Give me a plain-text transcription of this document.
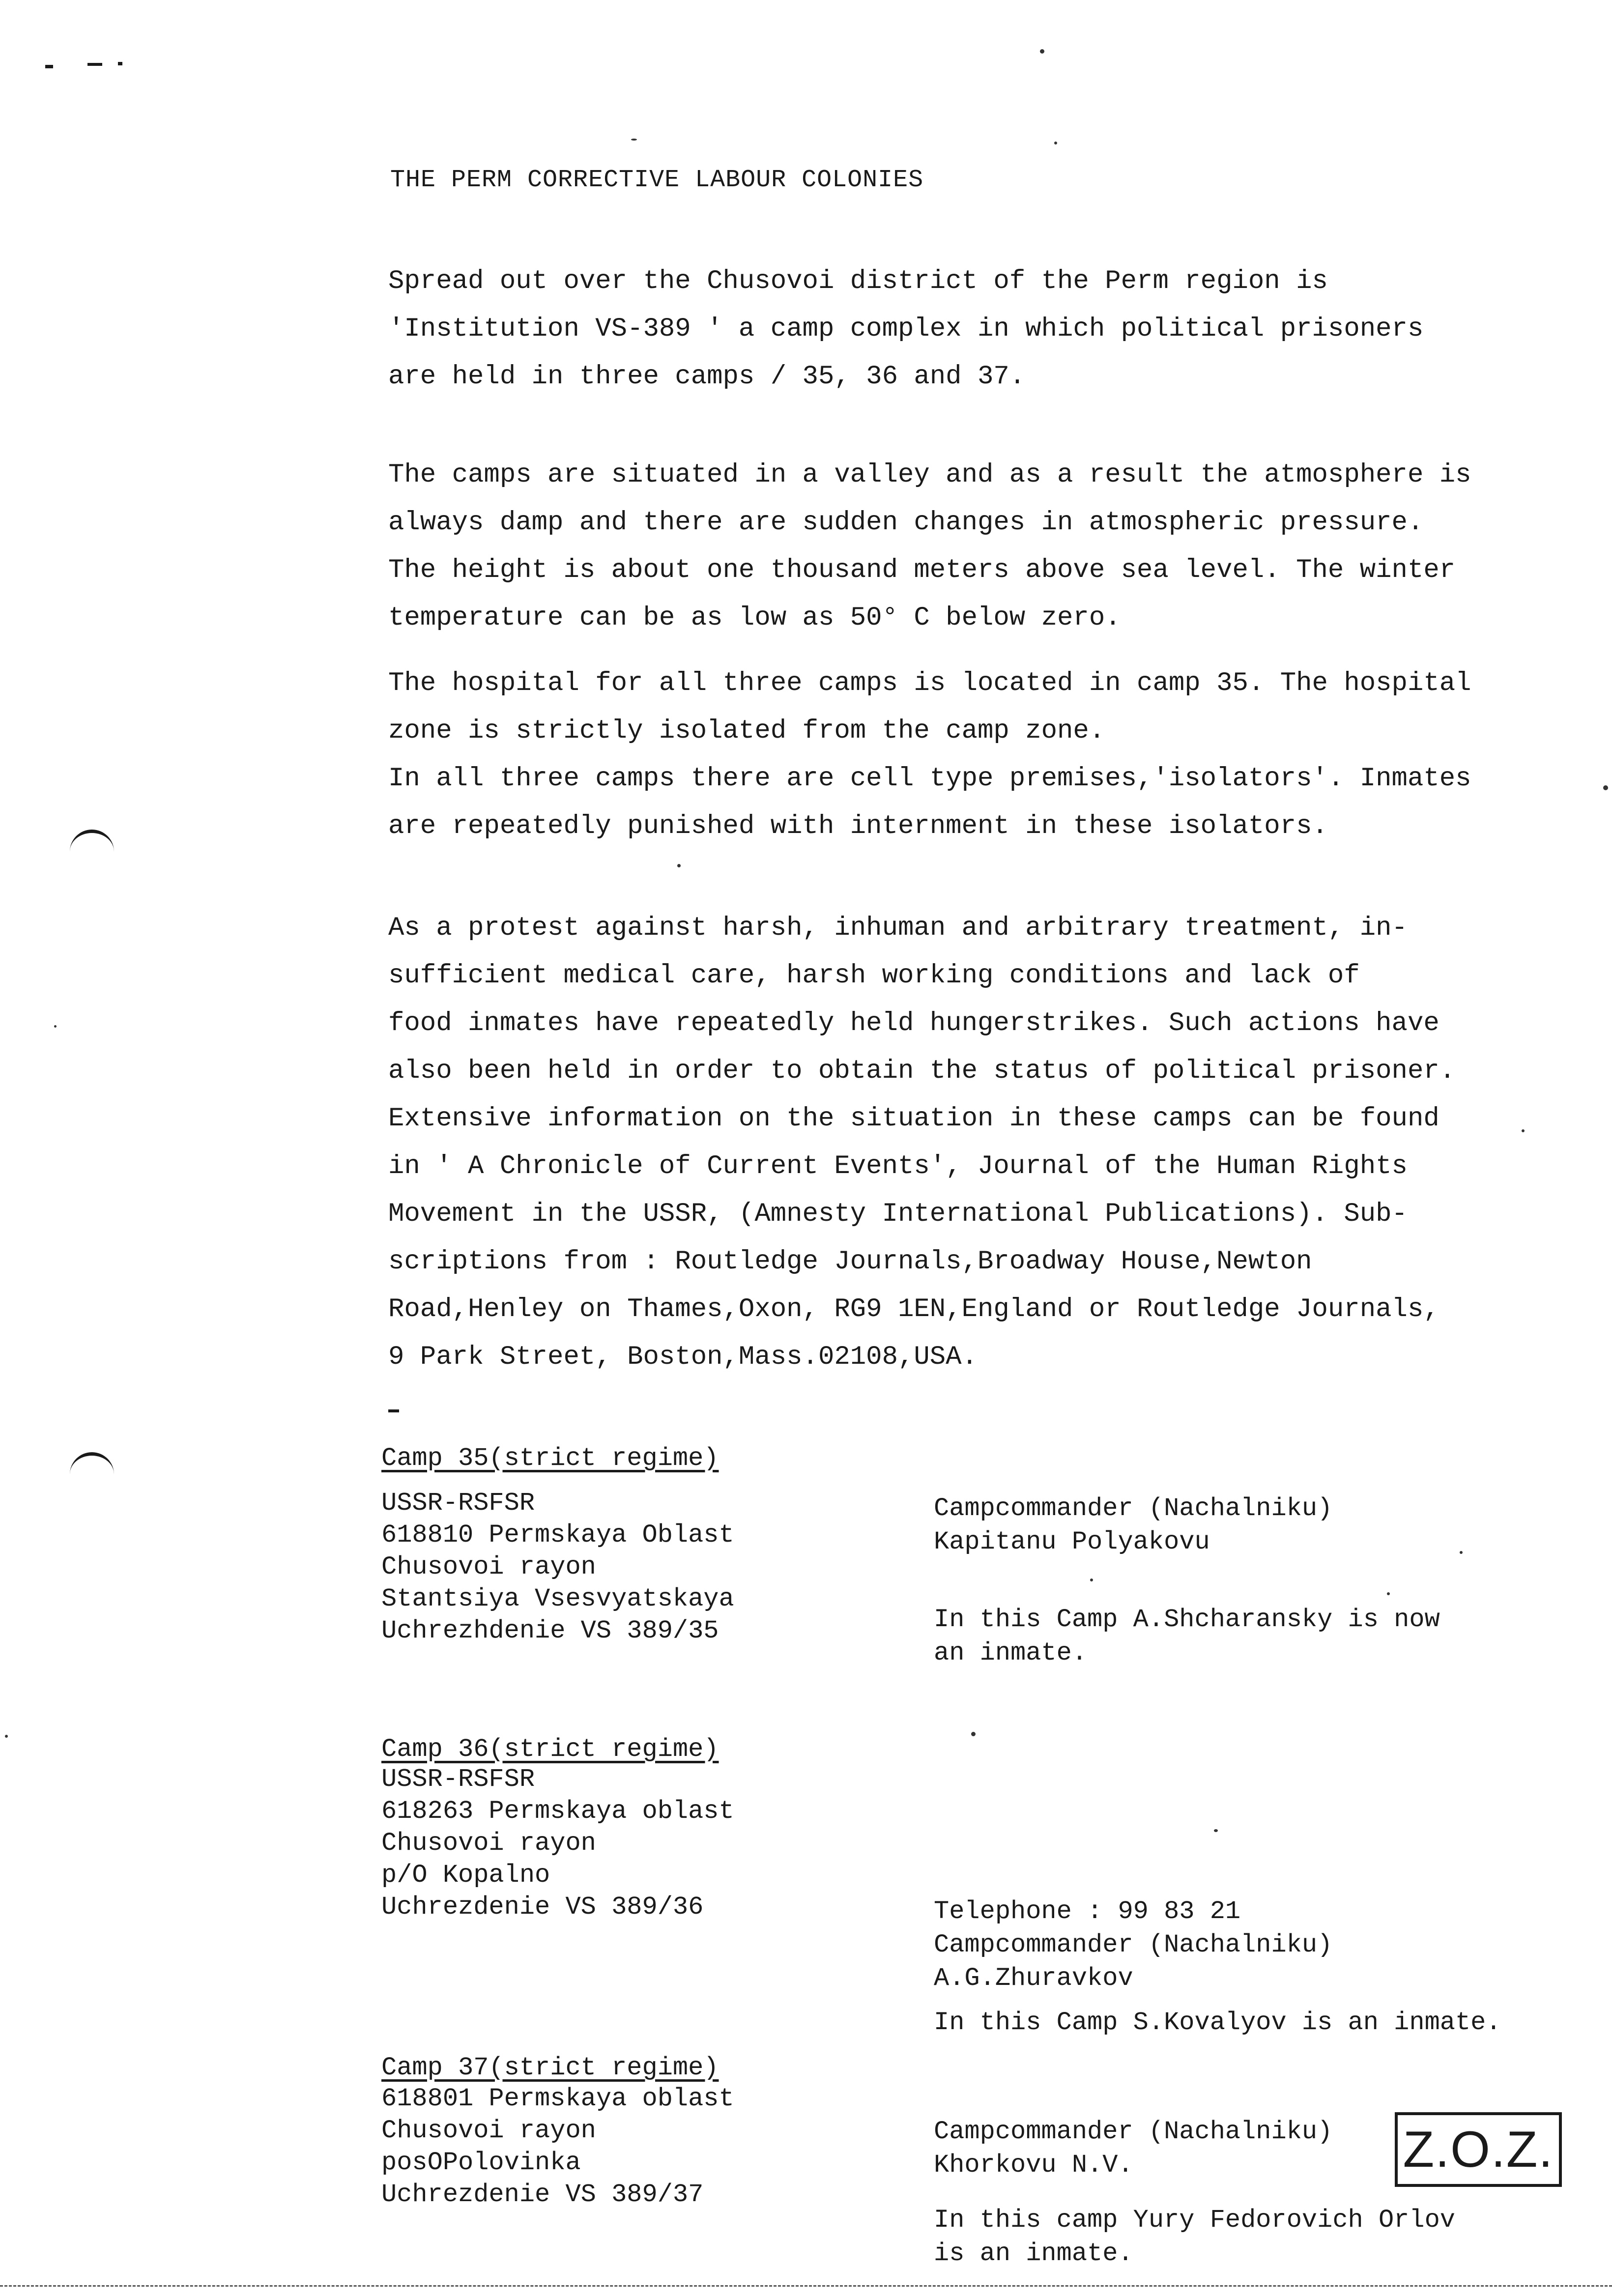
THE PERM CORRECTIVE LABOUR COLONIES
Spread out over the Chusovoi district of the Perm region is
'Institution VS-389 ' a camp complex in which political prisoners
are held in three camps / 35, 36 and 37.
The camps are situated in a valley and as a result the atmosphere is
always damp and there are sudden changes in atmospheric pressure.
The height is about one thousand meters above sea level. The winter
temperature can be as low as 50° C below zero.
The hospital for all three camps is located in camp 35. The hospital
zone is strictly isolated from the camp zone.
In all three camps there are cell type premises,'isolators'. Inmates
are repeatedly punished with internment in these isolators.
As a protest against harsh, inhuman and arbitrary treatment, in-
sufficient medical care, harsh working conditions and lack of
food inmates have repeatedly held hungerstrikes. Such actions have
also been held in order to obtain the status of political prisoner.
Extensive information on the situation in these camps can be found
in ' A Chronicle of Current Events', Journal of the Human Rights
Movement in the USSR, (Amnesty International Publications). Sub-
scriptions from : Routledge Journals,Broadway House,Newton
Road,Henley on Thames,Oxon, RG9 1EN,England or Routledge Journals,
9 Park Street, Boston,Mass.02108,USA.
Camp 35(strict regime)
USSR-RSFSR
618810 Permskaya Oblast
Chusovoi rayon
Stantsiya Vsesvyatskaya
Uchrezhdenie VS 389/35
Campcommander (Nachalniku)
Kapitanu Polyakovu
In this Camp A.Shcharansky is now
an inmate.
Camp 36(strict regime)
USSR-RSFSR
618263 Permskaya oblast
Chusovoi rayon
p/O Kopalno
Uchrezdenie VS 389/36	Telephone : 99 83 21
Campcommander (Nachalniku)
A.G.Zhuravkov
In this Camp S.Kovalyov is an inmate.
Camp 37(strict regime)
618801 Permskaya oblast
Chusovoi rayon
posOPolovinka
Uchrezdenie VS 389/37
Campcommander (Nachalniku)
Khorkovu N.V.
In this camp Yury Fedorovich Orlov
is an inmate.
Z.O.Z.
